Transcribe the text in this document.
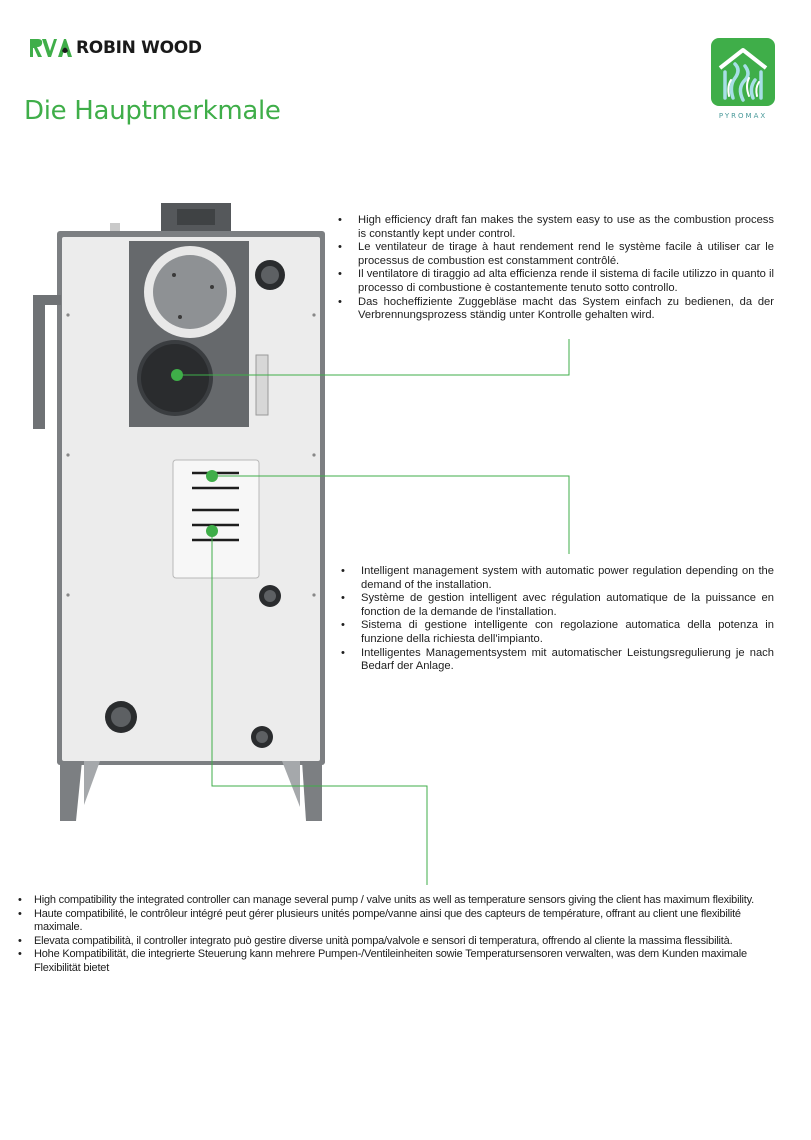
ROBIN WOOD
Die Hauptmerkmale	PYROMAX
• High efficiency draft fan makes the system easy to use as the combustion process is constantly kept under control.
• Le ventilateur de tirage à haut rendement rend le système facile à utiliser car le processus de combustion est constamment contrôlé.
• Il ventilatore di tiraggio ad alta efficienza rende il sistema di facile utilizzo in quanto il processo di combustione è costantemente tenuto sotto controllo.
• Das hocheffiziente Zuggebläse macht das System einfach zu bedienen, da der Verbrennungsprozess ständig unter Kontrolle gehalten wird.
• Intelligent management system with automatic power regulation depending on the demand of the installation.
• Système de gestion intelligent avec régulation automatique de la puissance en fonction de la demande de l'installation.
• Sistema di gestione intelligente con regolazione automatica della potenza in funzione della richiesta dell'impianto.
• Intelligentes Managementsystem mit automatischer Leistungsregulierung je nach Bedarf der Anlage.
• High compatibility the integrated controller can manage several pump / valve units as well as temperature sensors giving the client has maximum flexibility.
• Haute compatibilité, le contrôleur intégré peut gérer plusieurs unités pompe/vanne ainsi que des capteurs de température, offrant au client une flexibilité maximale.
• Elevata compatibilità, il controller integrato può gestire diverse unità pompa/valvole e sensori di temperatura, offrendo al cliente la massima flessibilità.
• Hohe Kompatibilität, die integrierte Steuerung kann mehrere Pumpen-/Ventileinheiten sowie Temperatursensoren verwalten, was dem Kunden maximale Flexibilität bietet
